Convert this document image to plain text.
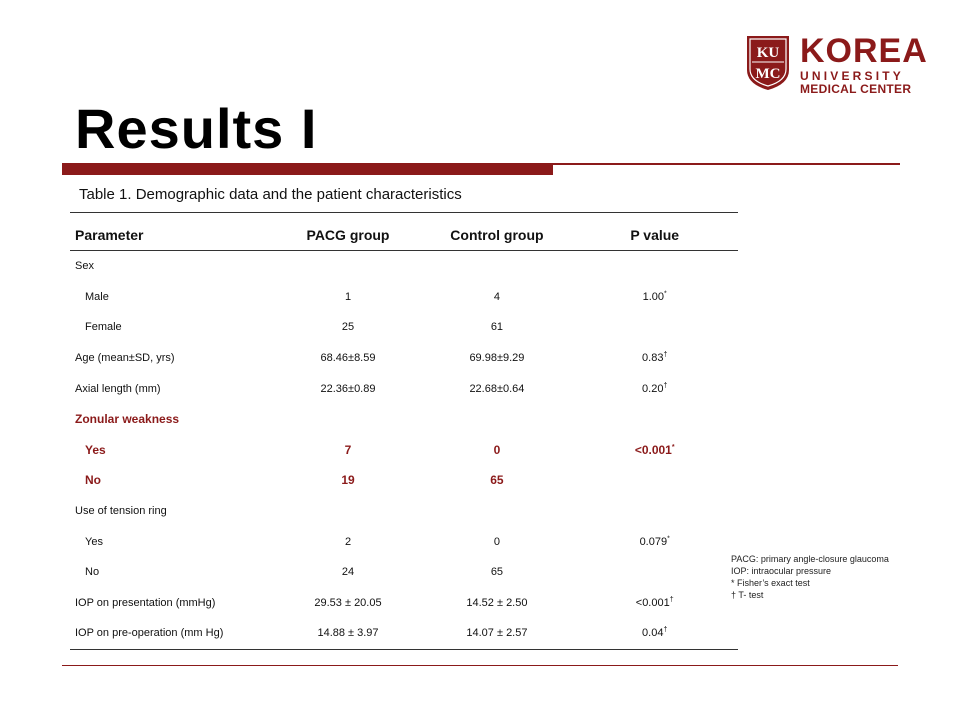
KU
MC
KOREA
UNIVERSITY
MEDICAL CENTER
Results I
Table 1. Demographic data and the patient characteristics
Parameter	PACG group	Control group	P value
Sex			
Male	1	4	1.00*
Female	25	61	
Age (mean±SD, yrs)	68.46±8.59	69.98±9.29	0.83†
Axial length (mm)	22.36±0.89	22.68±0.64	0.20†
Zonular weakness			
Yes	7	0	<0.001*
No	19	65	
Use of tension ring			
Yes	2	0	0.079*
No	24	65	
IOP on presentation (mmHg)	29.53 ± 20.05	14.52 ± 2.50	<0.001†
IOP on pre-operation (mm Hg)	14.88 ± 3.97	14.07 ± 2.57	0.04†
PACG: primary angle-closure glaucoma
IOP: intraocular pressure
* Fisher’s exact test
† T- test
